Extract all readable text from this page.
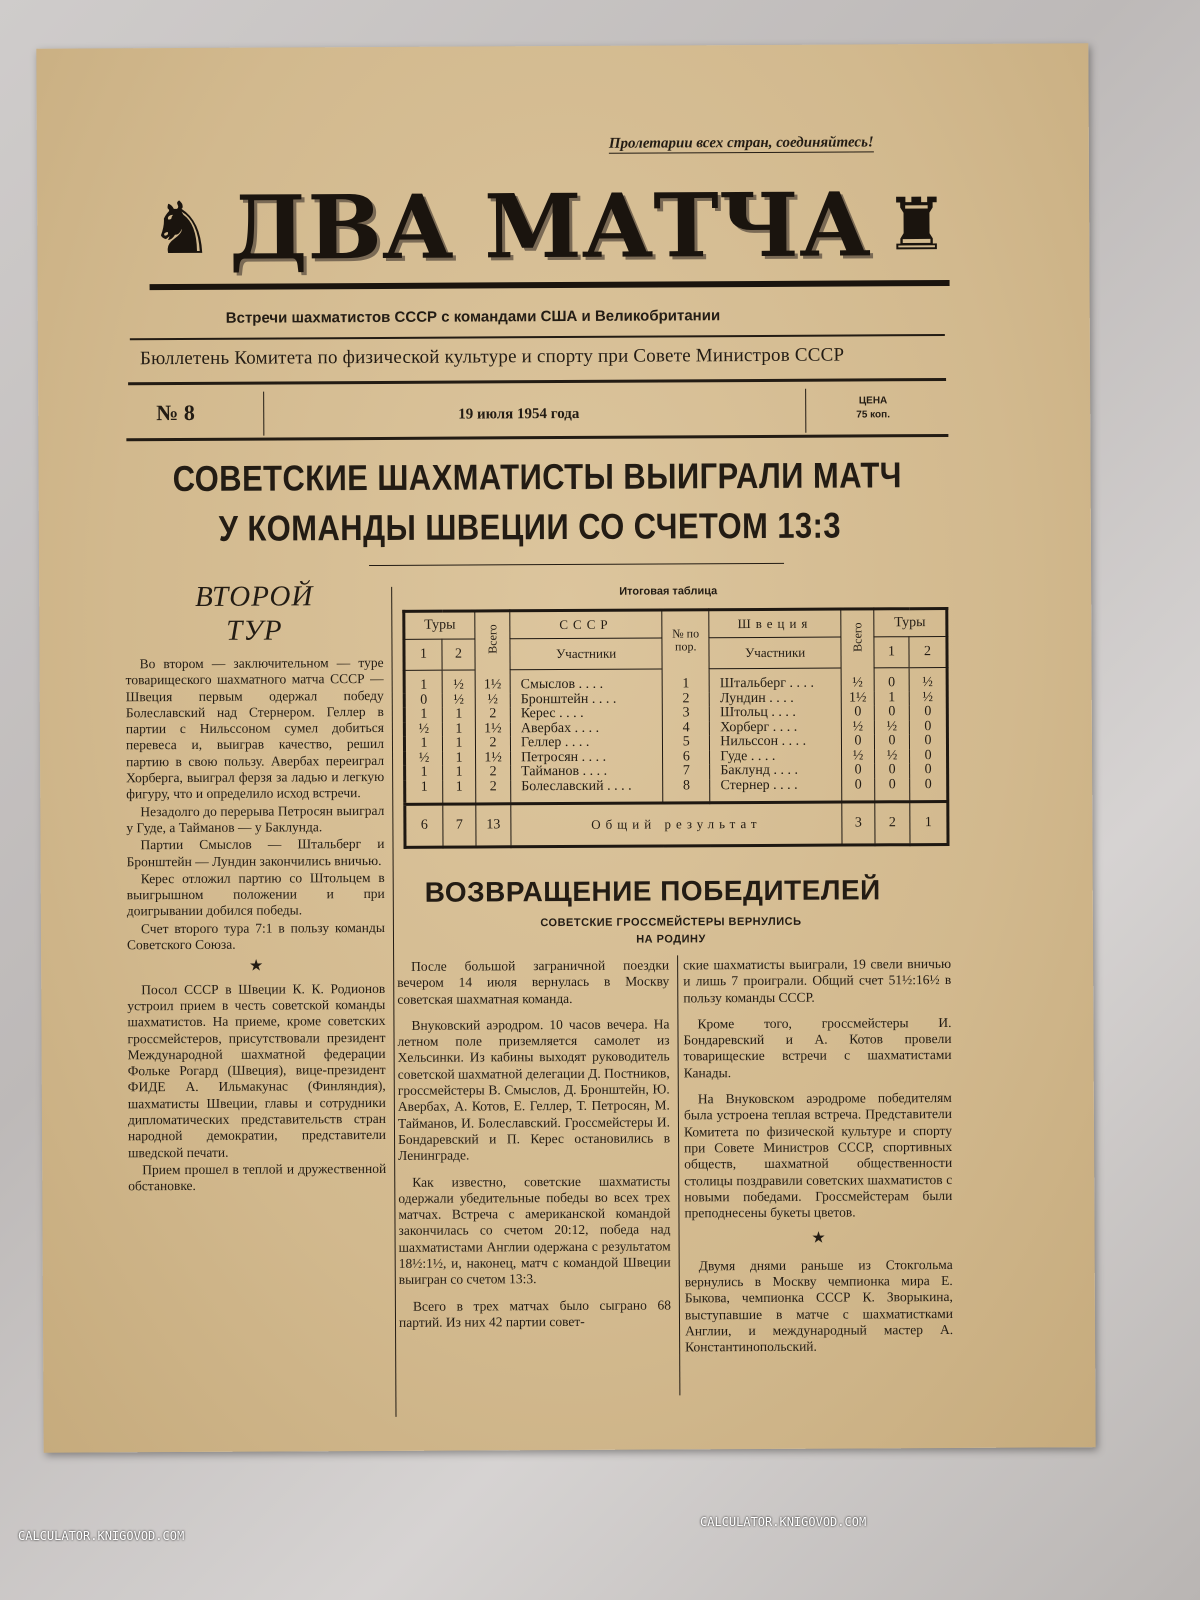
Пролетарии всех стран, соединяйтесь!
♞ ДВА МАТЧА ♜
Встречи шахматистов СССР с командами США и Великобритании
Бюллетень Комитета по физической культуре и спорту при Совете Министров СССР
№ 8	19 июля 1954 года
ЦЕНА
75 коп.
СОВЕТСКИЕ ШАХМАТИСТЫ ВЫИГРАЛИ МАТЧ
У КОМАНДЫ ШВЕЦИИ СО СЧЕТОМ 13:3
ВТОРОЙ
ТУР

Во втором — заключительном — туре товарищеского шахматного матча СССР — Швеция первым одержал победу Болеславский над Стернером. Геллер в партии с Нильссоном сумел добиться перевеса и, выиграв качество, решил партию в свою пользу. Авербах переиграл Хорберга, выиграл ферзя за ладью и легкую фигуру, что и определило исход встречи.

Незадолго до перерыва Петросян выиграл у Гуде, а Тайманов — у Баклунда.

Партии Смыслов — Штальберг и Бронштейн — Лундин закончились вничью.

Керес отложил партию со Штольцем в выигрышном положении и при доигрывании добился победы.

Счет второго тура 7:1 в пользу команды Советского Союза.

★

Посол СССР в Швеции К. К. Родионов устроил прием в честь советской команды шахматистов. На приеме, кроме советских гроссмейстеров, присутствовали президент Международной шахматной федерации Фольке Рогард (Швеция), вице-президент ФИДЕ А. Ильмакунас (Финляндия), шахматисты Швеции, главы и сотрудники дипломатических представительств стран народной демократии, представители шведской печати.

Прием прошел в теплой и дружественной обстановке.

Итоговая таблица
Туры		Всего	СССР	№ по пор.	Швеция	Всего	Туры	
1	2		Участники		Участники		1	2
1	½	1½	Смыслов . . . .	1	Штальберг . . . .	½	0	½
0	½	½	Бронштейн . . . .	2	Лундин . . . .	1½	1	½
1	1	2	Керес . . . .	3	Штольц . . . .	0	0	0
½	1	1½	Авербах . . . .	4	Хорберг . . . .	½	½	0
1	1	2	Геллер . . . .	5	Нильссон . . . .	0	0	0
½	1	1½	Петросян . . . .	6	Гуде . . . .	½	½	0
1	1	2	Тайманов . . . .	7	Баклунд . . . .	0	0	0
1	1	2	Болеславский . . . .	8	Стернер . . . .	0	0	0
6	7	13	Общий результат			3	2	1
ВОЗВРАЩЕНИЕ ПОБЕДИТЕЛЕЙ
СОВЕТСКИЕ ГРОССМЕЙСТЕРЫ ВЕРНУЛИСЬ
НА РОДИНУ

После большой заграничной поездки вечером 14 июля вернулась в Москву советская шахматная команда.

Внуковский аэродром. 10 часов вечера. На летном поле приземляется самолет из Хельсинки. Из кабины выходят руководитель советской шахматной делегации Д. Постников, гроссмейстеры В. Смыслов, Д. Бронштейн, Ю. Авербах, А. Котов, Е. Геллер, Т. Петросян, М. Тайманов, И. Болеславский. Гроссмейстеры И. Бондаревский и П. Керес остановились в Ленинграде.

Как известно, советские шахматисты одержали убедительные победы во всех трех матчах. Встреча с американской командой закончилась со счетом 20:12, победа над шахматистами Англии одержана с результатом 18½:1½, и, наконец, матч с командой Швеции выигран со счетом 13:3.

Всего в трех матчах было сыграно 68 партий. Из них 42 партии совет-

ские шахматисты выиграли, 19 свели вничью и лишь 7 проиграли. Общий счет 51½:16½ в пользу команды СССР.

Кроме того, гроссмейстеры И. Бондаревский и А. Котов провели товарищеские встречи с шахматистами Канады.

На Внуковском аэродроме победителям была устроена теплая встреча. Представители Комитета по физической культуре и спорту при Совете Министров СССР, спортивных обществ, шахматной общественности столицы поздравили советских шахматистов с новыми победами. Гроссмейстерам были преподнесены букеты цветов.

★

Двумя днями раньше из Стокгольма вернулись в Москву чемпионка мира Е. Быкова, чемпионка СССР К. Зворыкина, выступавшие в матче с шахматистками Англии, и международный мастер А. Константинопольский.

CALCULATOR.KNIGOVOD.COM
CALCULATOR.KNIGOVOD.COM
